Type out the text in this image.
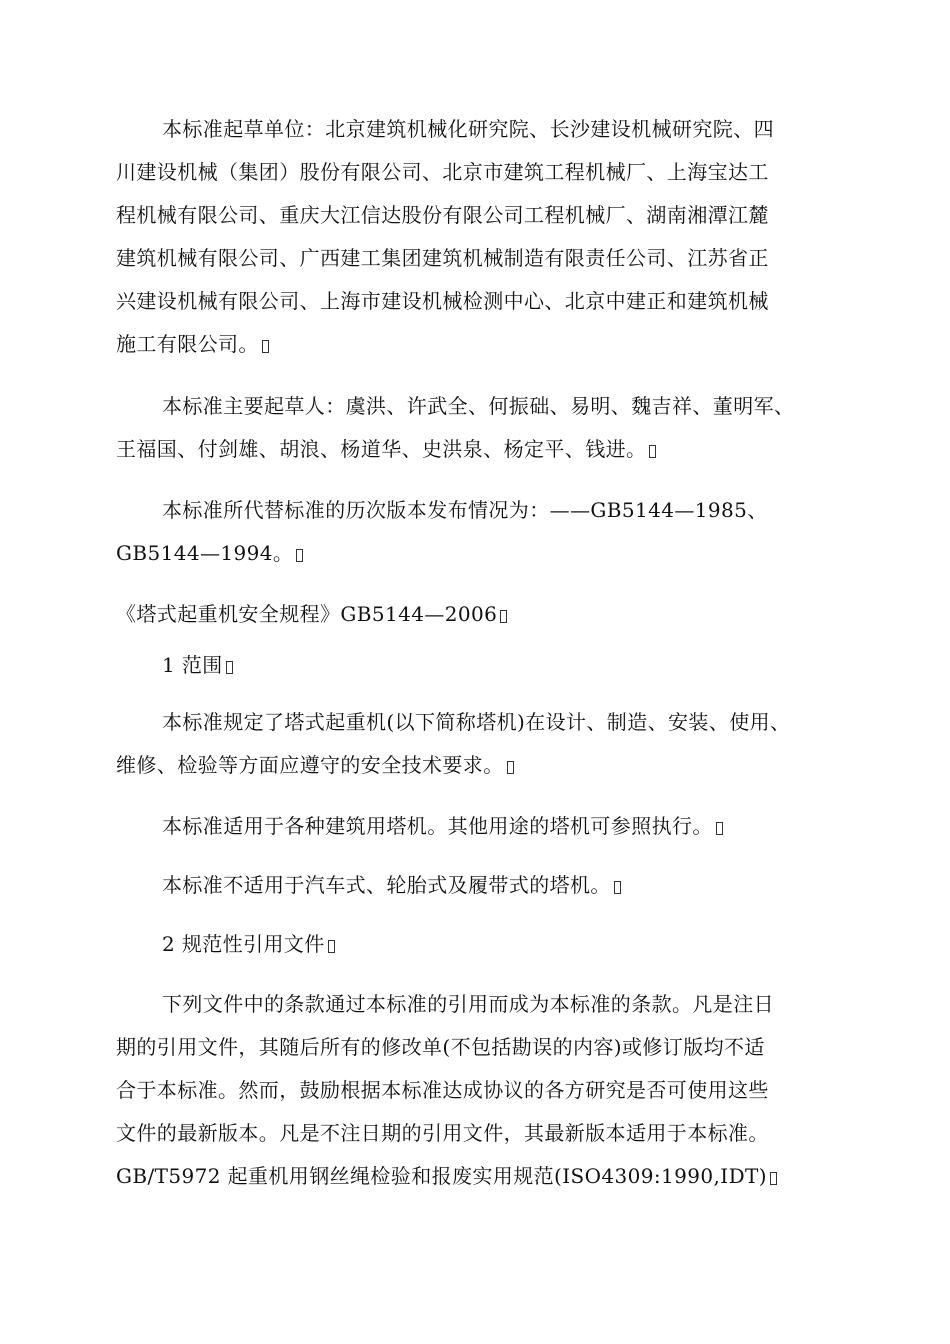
本标准起草单位：北京建筑机械化研究院、长沙建设机械研究院、四
川建设机械（集团）股份有限公司、北京市建筑工程机械厂、上海宝达工
程机械有限公司、重庆大江信达股份有限公司工程机械厂、湖南湘潭江麓
建筑机械有限公司、广西建工集团建筑机械制造有限责任公司、江苏省正
兴建设机械有限公司、上海市建设机械检测中心、北京中建正和建筑机械
施工有限公司。
本标准主要起草人：虞洪、许武全、何振础、易明、魏吉祥、董明军、
王福国、付剑雄、胡浪、杨道华、史洪泉、杨定平、钱进。
本标准所代替标准的历次版本发布情况为：——GB5144—1985、
GB5144—1994。
《塔式起重机安全规程》GB5144—2006
1 范围
本标准规定了塔式起重机(以下简称塔机)在设计、制造、安装、使用、
维修、检验等方面应遵守的安全技术要求。
本标准适用于各种建筑用塔机。其他用途的塔机可参照执行。
本标准不适用于汽车式、轮胎式及履带式的塔机。
2 规范性引用文件
下列文件中的条款通过本标准的引用而成为本标准的条款。凡是注日
期的引用文件，其随后所有的修改单(不包括勘误的内容)或修订版均不适
合于本标准。然而，鼓励根据本标准达成协议的各方研究是否可使用这些
文件的最新版本。凡是不注日期的引用文件，其最新版本适用于本标准。
GB/T5972 起重机用钢丝绳检验和报废实用规范(ISO4309:1990,IDT)
